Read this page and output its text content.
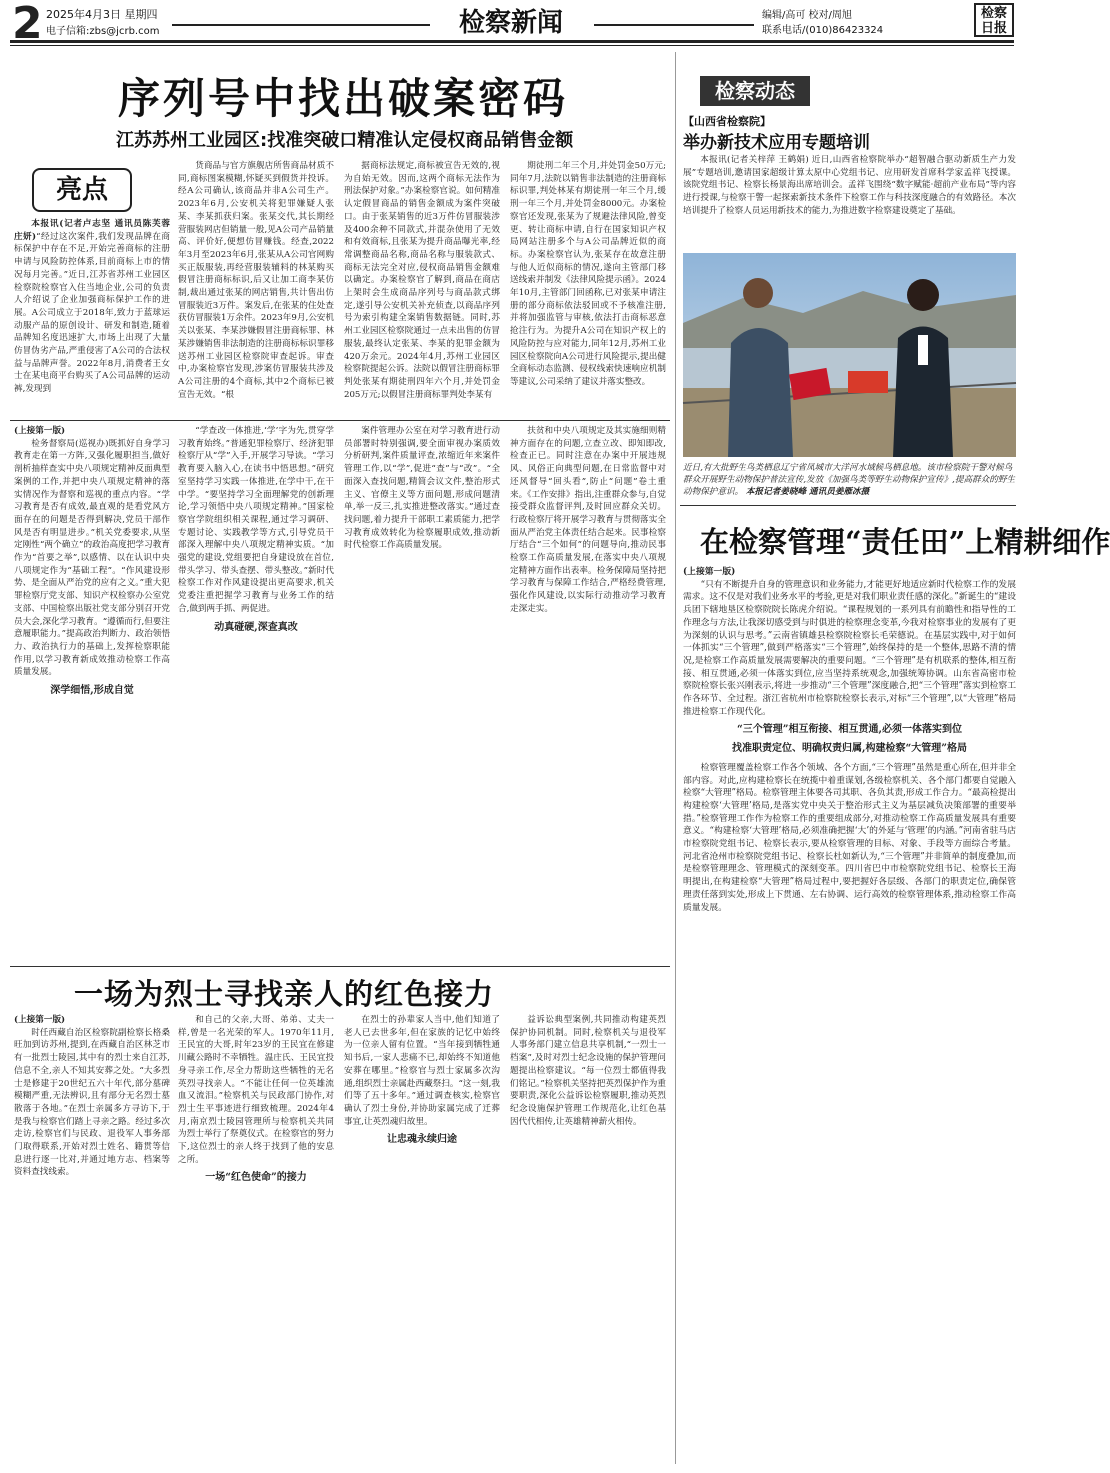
2 2025年4月3日 星期四
电子信箱:zbs@jcrb.com	检察新闻	编辑/高可 校对/周旭
联系电话/(010)86423324
检察日报
序列号中找出破案密码
江苏苏州工业园区:找准突破口精准认定侵权商品销售金额
亮点

本报讯(记者卢志坚 通讯员陈芙蓉 庄妍)“经过这次案件,我们发现品牌在商标保护中存在不足,开始完善商标的注册申请与风险防控体系,目前商标上市的情况每月完善。”近日,江苏省苏州工业园区检察院检察官入住当地企业,公司的负责人介绍说了企业加强商标保护工作的进展。A公司成立于2018年,致力于蓝球运动服产品的原创设计、研发和制造,随着品牌知名度迅速扩大,市场上出现了大量仿冒伪劣产品,严重侵害了A公司的合法权益与品牌声誉。2022年8月,消费者王女士在某电商平台购买了A公司品牌的运动裤,发现到

货商品与官方旗舰店所售商品材质不同,商标图案模糊,怀疑买到假货并投诉。经A公司确认,该商品并非A公司生产。2023年6月,公安机关将犯罪嫌疑人张某、李某抓获归案。张某交代,其长期经营服装网店但销量一般,见A公司产品销量高、评价好,便想仿冒赚钱。经查,2022年3月至2023年6月,张某从A公司官网购买正版服装,再经营服装辅料的林某购买假冒注册商标标识,后又让加工商李某仿制,裁出通过张某的网店销售,共计售出仿冒服装近3万件。案发后,在张某的住处查获仿冒服装1万余件。2023年9月,公安机关以张某、李某涉嫌假冒注册商标罪、林某涉嫌销售非法制造的注册商标标识罪移送苏州工业园区检察院审查起诉。审查中,办案检察官发现,涉案仿冒服装共涉及A公司注册的4个商标,其中2个商标已被宣告无效。“根

据商标法规定,商标被宣告无效的,视为自始无效。因而,这两个商标无法作为刑法保护对象。”办案检察官说。如何精准认定假冒商品的销售金额成为案件突破口。由于张某销售的近3万件仿冒服装涉及400余种不同款式,并混杂使用了无效和有效商标,且张某为提升商品曝光率,经常调整商品名称,商品名称与服装款式、商标无法完全对应,侵权商品销售金额难以确定。办案检察官了解到,商品在商店上架时会生成商品序列号与商品款式绑定,遂引导公安机关补充侦查,以商品序列号为索引构建全案销售数据链。同时,苏州工业园区检察院通过一点未出售的仿冒服装,最终认定张某、李某的犯罪金额为420万余元。2024年4月,苏州工业园区检察院提起公诉。法院以假冒注册商标罪判处张某有期徒刑四年六个月,并处罚金205万元;以假冒注册商标罪判处李某有

期徒刑二年三个月,并处罚金50万元;同年7月,法院以销售非法制造的注册商标标识罪,判处林某有期徒刑一年三个月,缓刑一年三个月,并处罚金8000元。办案检察官还发现,张某为了规避法律风险,曾变更、转让商标申请,自行在国家知识产权局网站注册多个与A公司品牌近似的商标。办案检察官认为,张某存在故意注册与他人近似商标的情况,遂向主管部门移送线索并制发《法律风险提示函》。2024年10月,主管部门回函称,已对张某申请注册的部分商标依法驳回或不予核准注册,并将加强监管与审核,依法打击商标恶意抢注行为。为提升A公司在知识产权上的风险防控与应对能力,同年12月,苏州工业园区检察院向A公司进行风险提示,提出健全商标动态监测、侵权线索快速响应机制等建议,公司采纳了建议并落实整改。

(上接第一版)

检务督察局(巡视办)既抓好自身学习教育走在第一方阵,又强化履职担当,做好剖析抽样查实中央八项规定精神反面典型案例的工作,并把中央八项规定精神的落实情况作为督察和巡视的重点内容。“学习教育是否有成效,最直观的是看党风方面存在的问题是否得到解决,党员干部作风是否有明显进步。”机关党委要求,从坚定刚性“两个确立”的政治高度把学习教育作为“首要之举”,以感情、以在认识中央八项规定作为“基础工程”。“作风建设形势、是全面从严治党的应有之义。”重大犯罪检察厅党支部、知识产权检察办公室党支部、中国检察出版社党支部分别召开党员大会,深化学习教育。“遵循而行,但要注意履职能力。”提高政治判断力、政治领悟力、政治执行力的基础上,发挥检察职能作用,以学习教育新成效推动检察工作高质量发展。

深学细悟,形成自觉

“学查改一体推进,‘学’字为先,贯穿学习教育始终。”普通犯罪检察厅、经济犯罪检察厅从“学”入手,开展学习导读。“学习教育要入脑入心,在读书中悟思想。”研究室坚持学习实践一体推进,在学中干,在干中学。“要坚持学习全面理解党的创新理论,学习领悟中央八项规定精神。”国家检察官学院组织相关课程,通过学习调研、专题讨论、实践教学等方式,引导党员干部深入理解中央八项规定精神实质。“加强党的建设,党组要把自身建设放在首位,带头学习、带头查摆、带头整改。”新时代检察工作对作风建设提出更高要求,机关党委注重把握学习教育与业务工作的结合,做到两手抓、两促进。

动真碰硬,深查真改

案件管理办公室在对学习教育进行动员部署时特别强调,要全面审视办案质效分析研判,案件质量评查,浓缩近年来案件管理工作,以“学”,促进“查”与“改”。“全面深入查找问题,精简会议文件,整治形式主义、官僚主义等方面问题,形成问题清单,举一反三,扎实推进整改落实。”通过查找问题,着力提升干部职工素质能力,把学习教育成效转化为检察履职成效,推动新时代检察工作高质量发展。

扶贫和中央八项规定及其实施细则精神方面存在的问题,立查立改、即知即改,检查正已。同时注意在办案中开展违规风、风俗正向典型问题,在日常监督中对还风督导“回头看”,防止“问题”卷土重来。《工作安排》指出,注重群众参与,自觉接受群众监督评判,及时回应群众关切。行政检察厅将开展学习教育与贯彻落实全面从严治党主体责任结合起来。民事检察厅结合“三个如何”的问题导向,推动民事检察工作高质量发展,在落实中央八项规定精神方面作出表率。检务保障局坚持把学习教育与保障工作结合,严格经费管理,强化作风建设,以实际行动推动学习教育走深走实。

一场为烈士寻找亲人的红色接力

(上接第一版)

时任西藏自治区检察院副检察长格桑旺加到访苏州,提到,在西藏自治区林芝市有一批烈士陵园,其中有的烈士来自江苏,信息不全,亲人不知其安葬之处。“大多烈士是修建于20世纪五六十年代,部分墓碑模糊严重,无法辨识,且有部分无名烈士墓散落于各地。”在烈士亲属多方寻访下,于是我与检察官们踏上寻亲之路。经过多次走访,检察官们与民政、退役军人事务部门取得联系,开始对烈士姓名、籍贯等信息进行逐一比对,并通过地方志、档案等资料查找线索。

和自己的父亲,大哥、弟弟、丈夫一样,曾是一名光荣的军人。1970年11月,王民宜的大哥,时年23岁的王民宜在修建川藏公路时不幸牺牲。温庄氏、王民宜投身寻亲工作,尽全力帮助这些牺牲的无名英烈寻找亲人。“不能让任何一位英雄流血又流泪。”检察机关与民政部门协作,对烈士生平事迹进行细致梳理。2024年4月,南京烈士陵园管理所与检察机关共同为烈士举行了祭奠仪式。在检察官的努力下,这位烈士的亲人终于找到了他的安息之所。

一场“红色使命”的接力

在烈士的孙辈家人当中,他们知道了老人已去世多年,但在家族的记忆中始终为一位亲人留有位置。“当年接到牺牲通知书后,一家人悲痛不已,却始终不知道他安葬在哪里。”检察官与烈士家属多次沟通,组织烈士亲属赴西藏祭扫。“这一刻,我们等了五十多年。”通过调查核实,检察官确认了烈士身份,并协助家属完成了迁葬事宜,让英烈魂归故里。

让忠魂永续归途

益诉讼典型案例,共同推动构建英烈保护协同机制。同时,检察机关与退役军人事务部门建立信息共享机制,“一烈士一档案”,及时对烈士纪念设施的保护管理问题提出检察建议。“每一位烈士都值得我们铭记。”检察机关坚持把英烈保护作为重要职责,深化公益诉讼检察履职,推动英烈纪念设施保护管理工作规范化,让红色基因代代相传,让英雄精神薪火相传。

检察动态
【山西省检察院】
举办新技术应用专题培训

本报讯(记者关梓萍 王鹤娟) 近日,山西省检察院举办“超智融合驱动新质生产力发展”专题培训,邀请国家超级计算太原中心党组书记、应用研发首席科学家孟祥飞授课。该院党组书记、检察长杨景海出席培训会。孟祥飞围绕“数字赋能·超前产业布局”等内容进行授课,与检察干警一起探索新技术条件下检察工作与科技深度融合的有效路径。本次培训提升了检察人员运用新技术的能力,为推进数字检察建设奠定了基础。

近日,有大批野生鸟类栖息辽宁省凤城市大洋河水域候鸟栖息地。该市检察院干警对候鸟群众开展野生动物保护普法宣传,发放《加强鸟类等野生动物保护宣传》,提高群众的野生动物保护意识。 本报记者姜晓峰 通讯员姜雁冰摄
在检察管理“责任田”上精耕细作

(上接第一版)

“只有不断提升自身的管理意识和业务能力,才能更好地适应新时代检察工作的发展需求。这不仅是对我们业务水平的考验,更是对我们职业责任感的深化。”新诞生的“建设兵团下辖地垦区检察院院长陈虎介绍说。“课程规划的一系列具有前瞻性和指导性的工作理念与方法,让我深切感受到与时俱进的检察理念变革,今我对检察事业的发展有了更为深刻的认识与思考。”云南省镇雄县检察院检察长毛荣德说。在基层实践中,对于如何一体抓实“三个管理”,做到严格落实“三个管理”,始终保持的是一个整体,思路不清的情况,是检察工作高质量发展需要解决的重要问题。“三个管理”是有机联系的整体,相互衔接、相互贯通,必须一体落实到位,应当坚持系统观念,加强统筹协调。山东省高密市检察院检察长张兴刚表示,将进一步推动“三个管理”深度融合,把“三个管理”落实到检察工作各环节、全过程。浙江省杭州市检察院检察长表示,对标“三个管理”,以“大管理”格局推进检察工作现代化。

“三个管理”相互衔接、相互贯通,必须一体落实到位

找准职责定位、明确权责归属,构建检察“大管理”格局

检察管理覆盖检察工作各个领域、各个方面,“三个管理”虽然是重心所在,但并非全部内容。对此,应构建检察长在统揽中着重谋划,各级检察机关、各个部门都要自觉融入检察“大管理”格局。检察管理主体要各司其职、各负其责,形成工作合力。“最高检提出构建检察‘大管理’格局,是落实党中央关于整治形式主义为基层减负决策部署的重要举措。”检察管理工作作为检察工作的重要组成部分,对推动检察工作高质量发展具有重要意义。“构建检察‘大管理’格局,必须准确把握‘大’的外延与‘管理’的内涵。”河南省驻马店市检察院党组书记、检察长表示,要从检察管理的目标、对象、手段等方面综合考量。河北省沧州市检察院党组书记、检察长杜如新认为,“三个管理”并非简单的制度叠加,而是检察管理理念、管理模式的深刻变革。四川省巴中市检察院党组书记、检察长王海明提出,在构建检察“大管理”格局过程中,要把握好各层级、各部门的职责定位,确保管理责任落到实处,形成上下贯通、左右协调、运行高效的检察管理体系,推动检察工作高质量发展。
